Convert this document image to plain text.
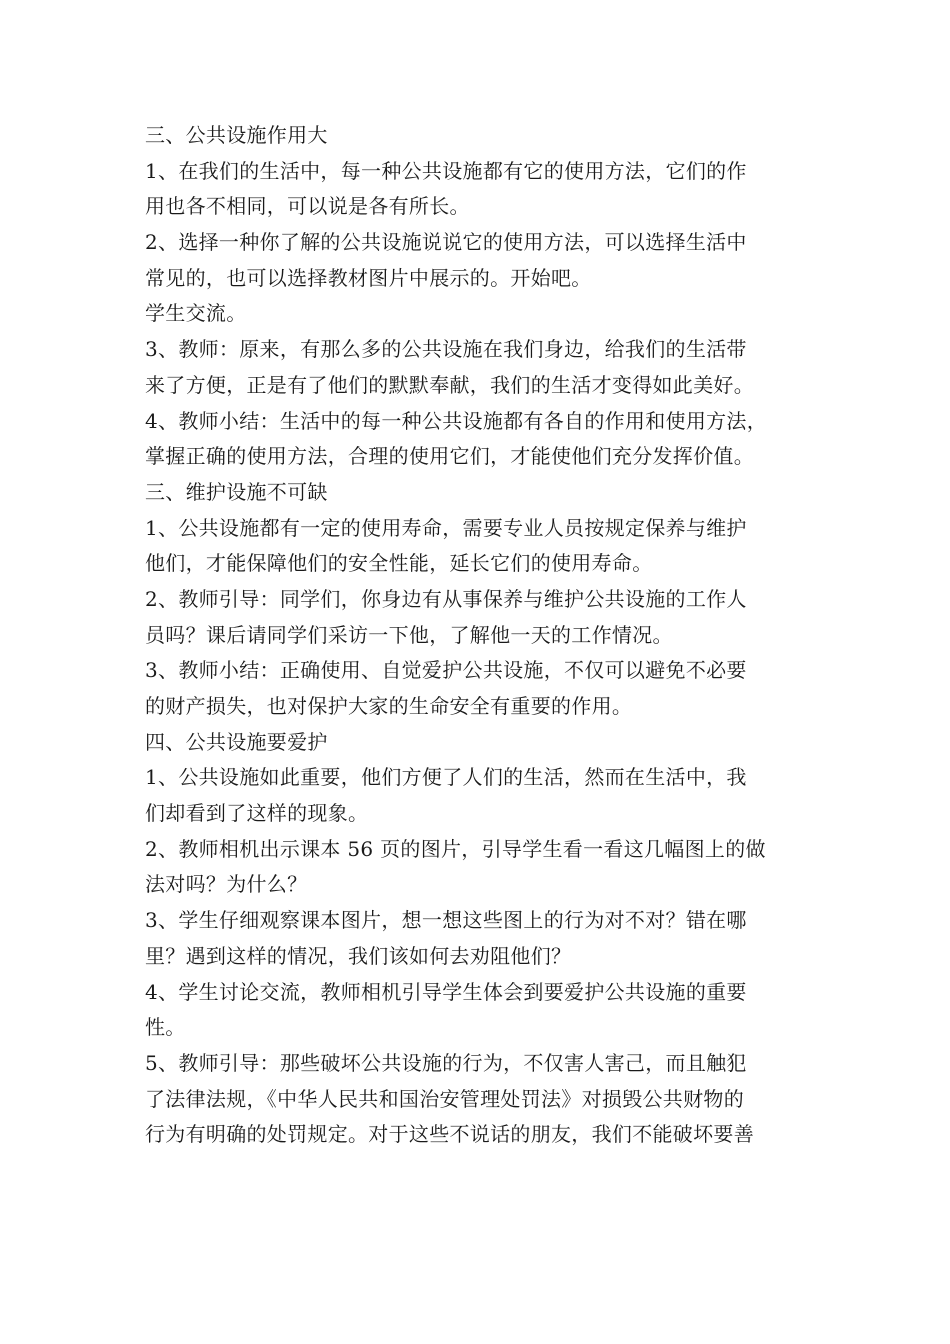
三、公共设施作用大
1、在我们的生活中，每一种公共设施都有它的使用方法，它们的作
用也各不相同，可以说是各有所长。
2、选择一种你了解的公共设施说说它的使用方法，可以选择生活中
常见的，也可以选择教材图片中展示的。开始吧。
学生交流。
3、教师：原来，有那么多的公共设施在我们身边，给我们的生活带
来了方便，正是有了他们的默默奉献，我们的生活才变得如此美好。
4、教师小结：生活中的每一种公共设施都有各自的作用和使用方法，
掌握正确的使用方法，合理的使用它们，才能使他们充分发挥价值。
三、维护设施不可缺
1、公共设施都有一定的使用寿命，需要专业人员按规定保养与维护
他们，才能保障他们的安全性能，延长它们的使用寿命。
2、教师引导：同学们，你身边有从事保养与维护公共设施的工作人
员吗？课后请同学们采访一下他，了解他一天的工作情况。
3、教师小结：正确使用、自觉爱护公共设施，不仅可以避免不必要
的财产损失，也对保护大家的生命安全有重要的作用。
四、公共设施要爱护
1、公共设施如此重要，他们方便了人们的生活，然而在生活中，我
们却看到了这样的现象。
2、教师相机出示课本 56 页的图片，引导学生看一看这几幅图上的做
法对吗？为什么？
3、学生仔细观察课本图片，想一想这些图上的行为对不对？错在哪
里？遇到这样的情况，我们该如何去劝阻他们？
4、学生讨论交流，教师相机引导学生体会到要爱护公共设施的重要
性。
5、教师引导：那些破坏公共设施的行为，不仅害人害己，而且触犯
了法律法规，《中华人民共和国治安管理处罚法》对损毁公共财物的
行为有明确的处罚规定。对于这些不说话的朋友，我们不能破坏要善
